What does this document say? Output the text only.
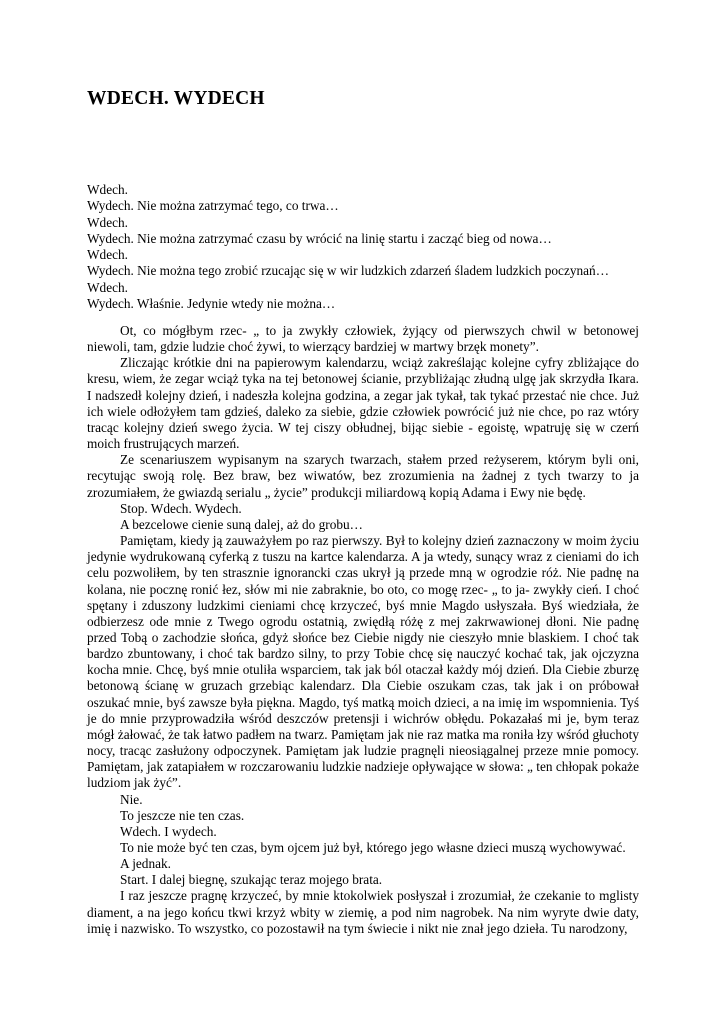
WDECH. WYDECH
Wdech.
Wydech. Nie można zatrzymać tego, co trwa…
Wdech.
Wydech. Nie można zatrzymać czasu by wrócić na linię startu i zacząć bieg od nowa…
Wdech.
Wydech. Nie można tego zrobić rzucając się w wir ludzkich zdarzeń śladem ludzkich poczynań…
Wdech.
Wydech. Właśnie. Jedynie wtedy nie można…

Ot, co mógłbym rzec- „ to ja zwykły człowiek, żyjący od pierwszych chwil w betonowej niewoli, tam, gdzie ludzie choć żywi, to wierzący bardziej w martwy brzęk monety”.

Zliczając krótkie dni na papierowym kalendarzu, wciąż zakreślając kolejne cyfry zbliżające do kresu, wiem, że zegar wciąż tyka na tej betonowej ścianie, przybliżając złudną ulgę jak skrzydła Ikara. I nadszedł kolejny dzień, i nadeszła kolejna godzina, a zegar jak tykał, tak tykać przestać nie chce. Już ich wiele odłożyłem tam gdzieś, daleko za siebie, gdzie człowiek powrócić już nie chce, po raz wtóry tracąc kolejny dzień swego życia. W tej ciszy obłudnej, bijąc siebie - egoistę, wpatruję się w czerń moich frustrujących marzeń.

Ze scenariuszem wypisanym na szarych twarzach, stałem przed reżyserem, którym byli oni, recytując swoją rolę. Bez braw, bez wiwatów, bez zrozumienia na żadnej z tych twarzy to ja zrozumiałem, że gwiazdą serialu „ życie” produkcji miliardową kopią Adama i Ewy nie będę.

Stop. Wdech. Wydech.

A bezcelowe cienie suną dalej, aż do grobu…

Pamiętam, kiedy ją zauważyłem po raz pierwszy. Był to kolejny dzień zaznaczony w moim życiu jedynie wydrukowaną cyferką z tuszu na kartce kalendarza. A ja wtedy, sunący wraz z cieniami do ich celu pozwoliłem, by ten strasznie ignorancki czas ukrył ją przede mną w ogrodzie róż. Nie padnę na kolana, nie pocznę ronić łez, słów mi nie zabraknie, bo oto, co mogę rzec- „ to ja- zwykły cień. I choć spętany i zduszony ludzkimi cieniami chcę krzyczeć, byś mnie Magdo usłyszała. Byś wiedziała, że odbierzesz ode mnie z Twego ogrodu ostatnią, zwiędłą różę z mej zakrwawionej dłoni. Nie padnę przed Tobą o zachodzie słońca, gdyż słońce bez Ciebie nigdy nie cieszyło mnie blaskiem. I choć tak bardzo zbuntowany, i choć tak bardzo silny, to przy Tobie chcę się nauczyć kochać tak, jak ojczyzna kocha mnie. Chcę, byś mnie otuliła wsparciem, tak jak ból otaczał każdy mój dzień. Dla Ciebie zburzę betonową ścianę w gruzach grzebiąc kalendarz. Dla Ciebie oszukam czas, tak jak i on próbował oszukać mnie, byś zawsze była piękna. Magdo, tyś matką moich dzieci, a na imię im wspomnienia. Tyś je do mnie przyprowadziła wśród deszczów pretensji i wichrów obłędu. Pokazałaś mi je, bym teraz mógł żałować, że tak łatwo padłem na twarz. Pamiętam jak nie raz matka ma roniła łzy wśród głuchoty nocy, tracąc zasłużony odpoczynek. Pamiętam jak ludzie pragnęli nieosiągalnej przeze mnie pomocy. Pamiętam, jak zatapiałem w rozczarowaniu ludzkie nadzieje opływające w słowa: „ ten chłopak pokaże ludziom jak żyć”.

Nie.

To jeszcze nie ten czas.

Wdech. I wydech.

To nie może być ten czas, bym ojcem już był, którego jego własne dzieci muszą wychowywać.

A jednak.

Start. I dalej biegnę, szukając teraz mojego brata.

I raz jeszcze pragnę krzyczeć, by mnie ktokolwiek posłyszał i zrozumiał, że czekanie to mglisty diament, a na jego końcu tkwi krzyż wbity w ziemię, a pod nim nagrobek. Na nim wyryte dwie daty, imię i nazwisko. To wszystko, co pozostawił na tym świecie i nikt nie znał jego dzieła. Tu narodzony,
